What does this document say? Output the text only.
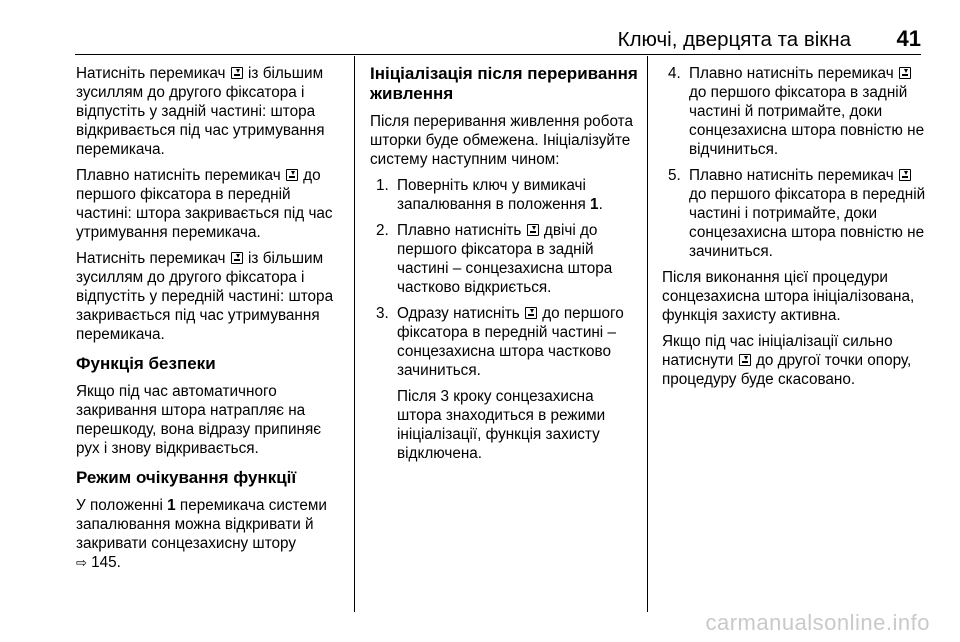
Ключі, дверцята та вікна 41

Натисніть перемикач  із більшим зусиллям до другого фіксатора і відпустіть у задній частині: штора відкривається під час утримування перемикача.

Плавно натисніть перемикач  до першого фіксатора в передній частині: штора закривається під час утримування перемикача.

Натисніть перемикач  із більшим зусиллям до другого фіксатора і відпустіть у передній частині: штора закривається під час утримування перемикача.

Функція безпеки

Якщо під час автоматичного закривання штора натрапляє на перешкоду, вона відразу припиняє рух і знову відкривається.

Режим очікування функції

У положенні 1 перемикача системи запалювання можна відкривати й закривати сонцезахисну штору
⇨ 145.

Ініціалізація після переривання живлення

Після переривання живлення робота шторки буде обмежена. Ініціалізуйте систему наступним чином:

1. Поверніть ключ у вимикачі запалювання в положення 1.

2. Плавно натисніть  двічі до першого фіксатора в задній частині – сонцезахисна штора частково відкриється.

3. Одразу натисніть  до першого фіксатора в передній частині – сонцезахисна штора частково зачиниться.

Після 3 кроку сонцезахисна штора знаходиться в режими ініціалізації, функція захисту відключена.

4. Плавно натисніть перемикач  до першого фіксатора в задній частині й потримайте, доки сонцезахисна штора повністю не відчиниться.

5. Плавно натисніть перемикач  до першого фіксатора в передній частині і потримайте, доки сонцезахисна штора повністю не зачиниться.

Після виконання цієї процедури сонцезахисна штора ініціалізована, функція захисту активна.

Якщо під час ініціалізації сильно натиснути  до другої точки опору, процедуру буде скасовано.

carmanualsonline.info
